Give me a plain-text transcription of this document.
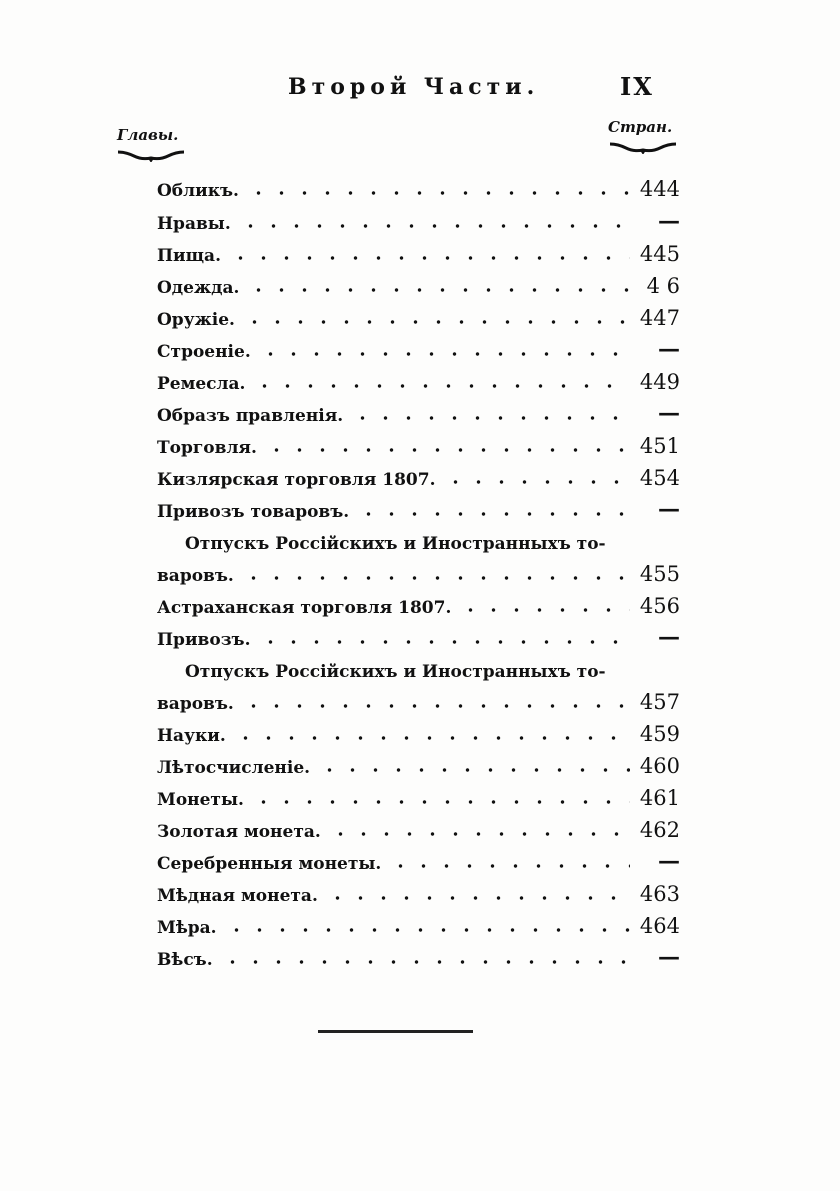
Второй Части.	IX
Главы.	Стран.
Обликъ.	444
Нравы.	—
Пища.	445
Одежда.	4 6
Оружіе.	447
Строеніе.	—
Ремесла.	449
Образъ правленія.	—
Торговля.	451
Кизлярская торговля 1807.	454
Привозъ товаровъ.	—
Отпускъ Россійскихъ и Иностранныхъ то-
варовъ.	455
Астраханская торговля 1807.	456
Привозъ.	—
Отпускъ Россійскихъ и Иностранныхъ то-
варовъ.	457
Науки.	459
Лѣтосчисленіе.	460
Монеты.	461
Золотая монета.	462
Серебренныя монеты.	—
Мѣдная монета.	463
Мѣра.	464
Вѣсъ.	—
